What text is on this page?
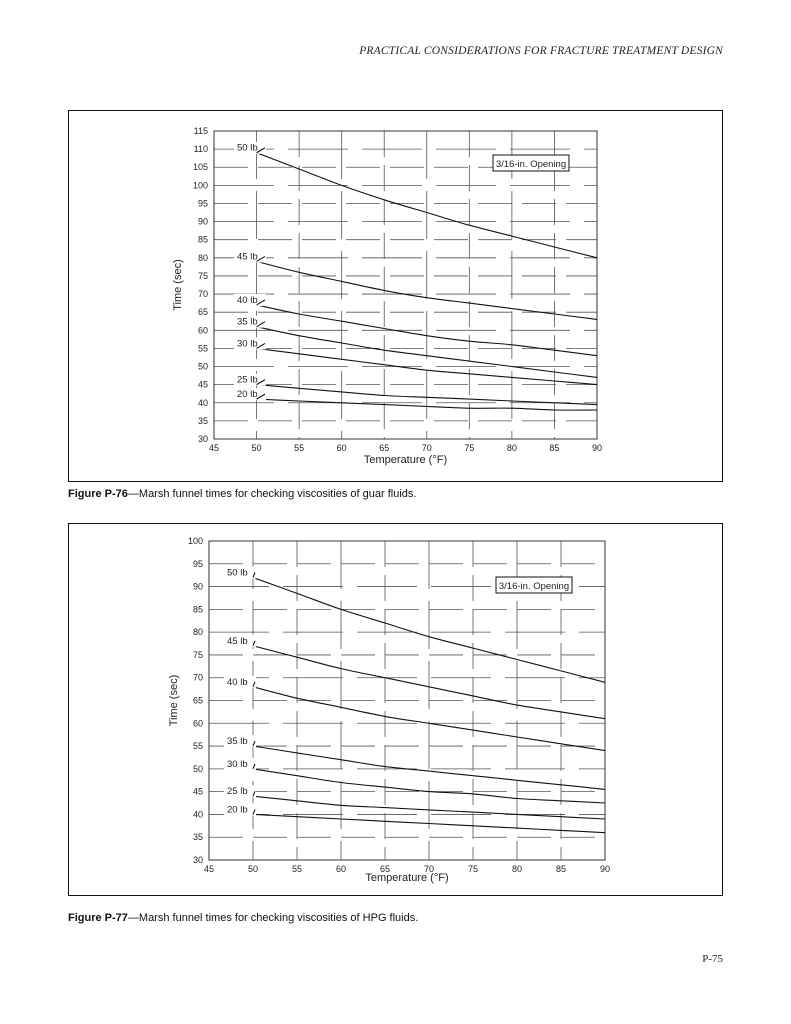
PRACTICAL CONSIDERATIONS FOR FRACTURE TREATMENT DESIGN
30
35
40
45
50
55
60
65
70
75
80
85
90
95
100
105
110
115
45	50	55	60	65	70	75	80	85	90
Temperature (°F)
Time (sec)
50 lb
45 lb
40 lb
35 lb
30 lb
25 lb
20 lb
3/16-in. Opening
Figure P-76—Marsh funnel times for checking viscosities of guar fluids.
30
35
40
45
50
55
60
65
70
75
80
85
90
95
100
45	50	55	60	65	70	75	80	85	90
Temperature (°F)
Time (sec)
50 lb
45 lb
40 lb
35 lb
30 lb
25 lb
20 lb
3/16-in. Opening
Figure P-77—Marsh funnel times for checking viscosities of HPG fluids.
P-75
